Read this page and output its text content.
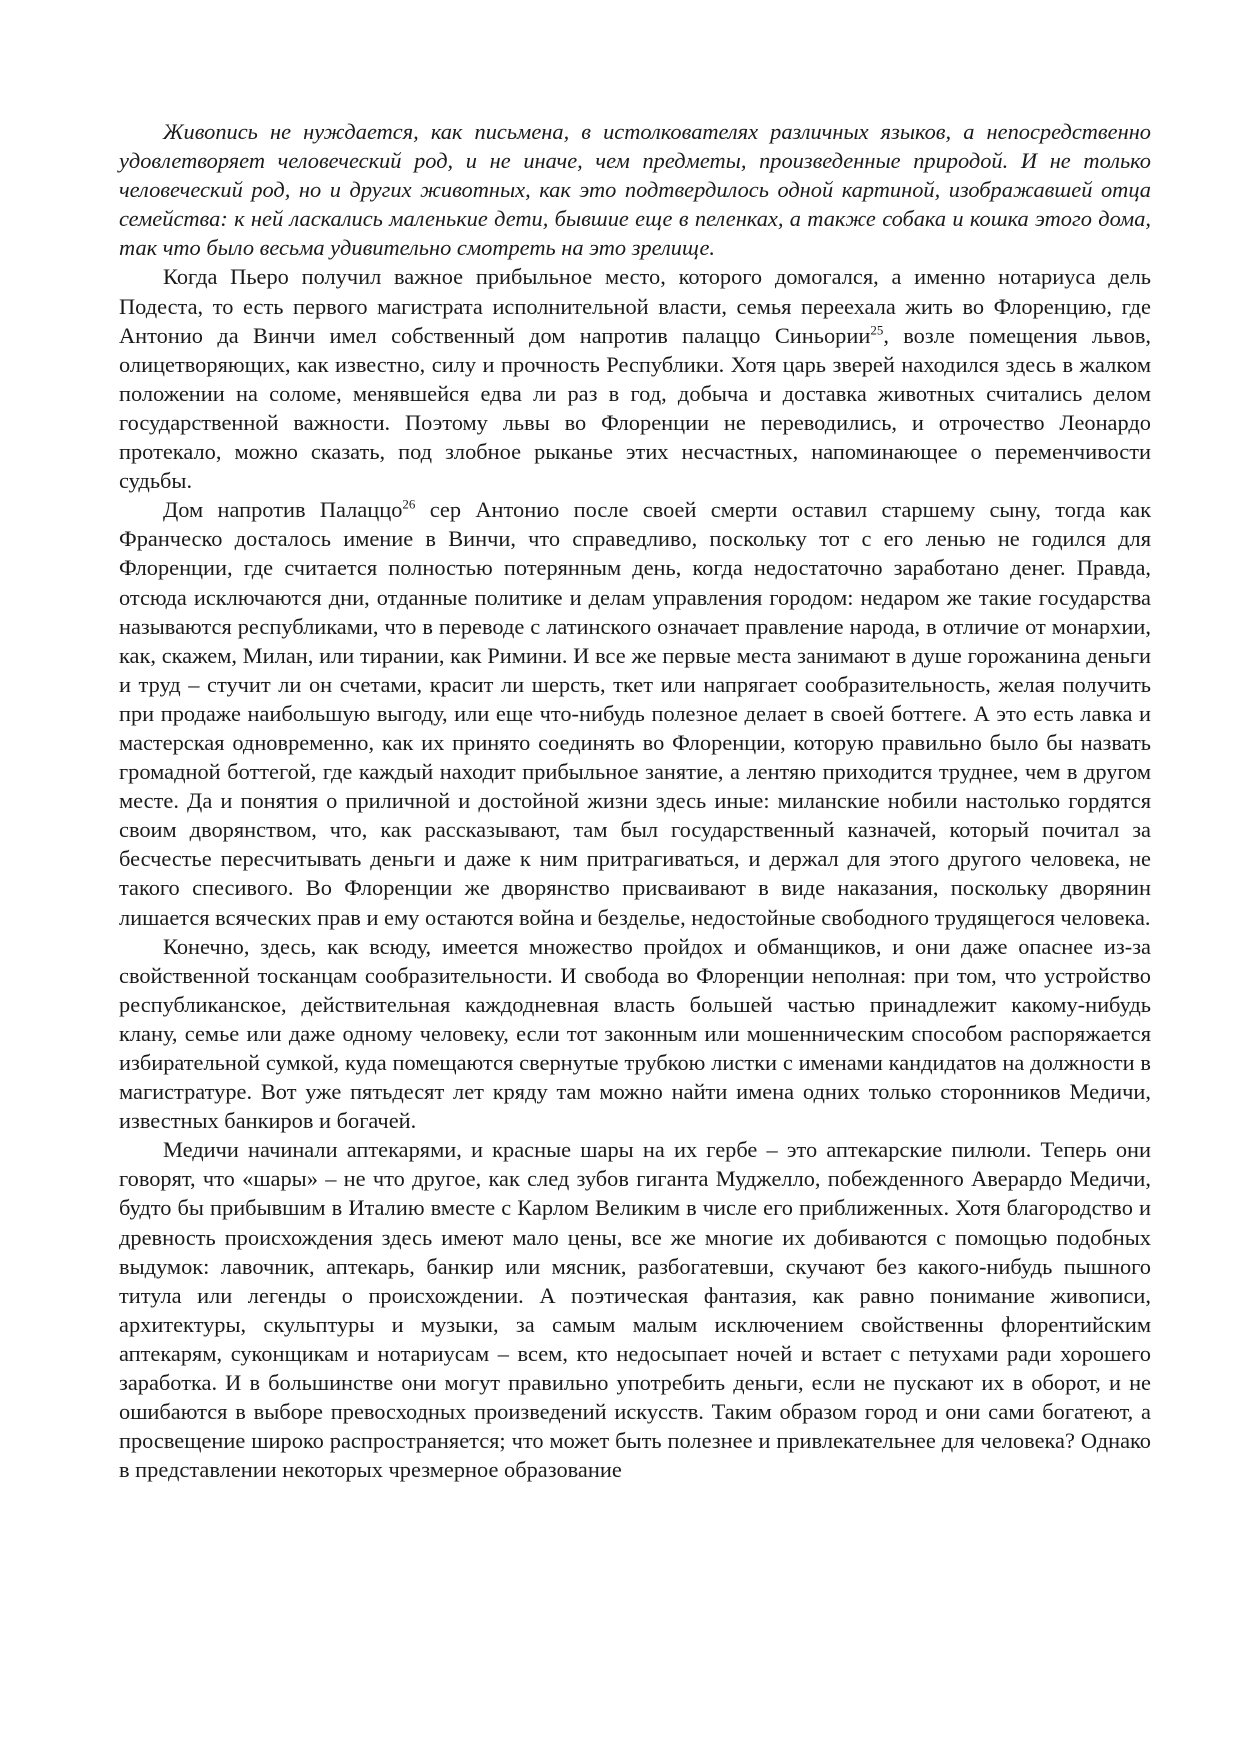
Живопись не нуждается, как письмена, в истолкователях различных языков, а непосредственно удовлетворяет человеческий род, и не иначе, чем предметы, произведенные природой. И не только человеческий род, но и других животных, как это подтвердилось одной картиной, изображавшей отца семейства: к ней ласкались маленькие дети, бывшие еще в пеленках, а также собака и кошка этого дома, так что было весьма удивительно смотреть на это зрелище.

Когда Пьеро получил важное прибыльное место, которого домогался, а именно нотариуса дель Подеста, то есть первого магистрата исполнительной власти, семья переехала жить во Флоренцию, где Антонио да Винчи имел собственный дом напротив палаццо Синьории$^{25}$, возле помещения львов, олицетворяющих, как известно, силу и прочность Республики. Хотя царь зверей находился здесь в жалком положении на соломе, менявшейся едва ли раз в год, добыча и доставка животных считались делом государственной важности. Поэтому львы во Флоренции не переводились, и отрочество Леонардо протекало, можно сказать, под злобное рыканье этих несчастных, напоминающее о переменчивости судьбы.

Дом напротив Палаццо$^{26}$ сер Антонио после своей смерти оставил старшему сыну, тогда как Франческо досталось имение в Винчи, что справедливо, поскольку тот с его ленью не годился для Флоренции, где считается полностью потерянным день, когда недостаточно заработано денег. Правда, отсюда исключаются дни, отданные политике и делам управления городом: недаром же такие государства называются республиками, что в переводе с латинского означает правление народа, в отличие от монархии, как, скажем, Милан, или тирании, как Римини. И все же первые места занимают в душе горожанина деньги и труд – стучит ли он счетами, красит ли шерсть, ткет или напрягает сообразительность, желая получить при продаже наибольшую выгоду, или еще что-нибудь полезное делает в своей боттеге. А это есть лавка и мастерская одновременно, как их принято соединять во Флоренции, которую правильно было бы назвать громадной боттегой, где каждый находит прибыльное занятие, а лентяю приходится труднее, чем в другом месте. Да и понятия о приличной и достойной жизни здесь иные: миланские нобили настолько гордятся своим дворянством, что, как рассказывают, там был государственный казначей, который почитал за бесчестье пересчитывать деньги и даже к ним притрагиваться, и держал для этого другого человека, не такого спесивого. Во Флоренции же дворянство присваивают в виде наказания, поскольку дворянин лишается всяческих прав и ему остаются война и безделье, недостойные свободного трудящегося человека.

Конечно, здесь, как всюду, имеется множество пройдох и обманщиков, и они даже опаснее из-за свойственной тосканцам сообразительности. И свобода во Флоренции неполная: при том, что устройство республиканское, действительная каждодневная власть большей частью принадлежит какому-нибудь клану, семье или даже одному человеку, если тот законным или мошенническим способом распоряжается избирательной сумкой, куда помещаются свернутые трубкою листки с именами кандидатов на должности в магистратуре. Вот уже пятьдесят лет кряду там можно найти имена одних только сторонников Медичи, известных банкиров и богачей.

Медичи начинали аптекарями, и красные шары на их гербе – это аптекарские пилюли. Теперь они говорят, что «шары» – не что другое, как след зубов гиганта Муджелло, побежденного Аверардо Медичи, будто бы прибывшим в Италию вместе с Карлом Великим в числе его приближенных. Хотя благородство и древность происхождения здесь имеют мало цены, все же многие их добиваются с помощью подобных выдумок: лавочник, аптекарь, банкир или мясник, разбогатевши, скучают без какого-нибудь пышного титула или легенды о происхождении. А поэтическая фантазия, как равно понимание живописи, архитектуры, скульптуры и музыки, за самым малым исключением свойственны флорентийским аптекарям, суконщикам и нотариусам – всем, кто недосыпает ночей и встает с петухами ради хорошего заработка. И в большинстве они могут правильно употребить деньги, если не пускают их в оборот, и не ошибаются в выборе превосходных произведений искусств. Таким образом город и они сами богатеют, а просвещение широко распространяется; что может быть полезнее и привлекательнее для человека? Однако в представлении некоторых чрезмерное образование
